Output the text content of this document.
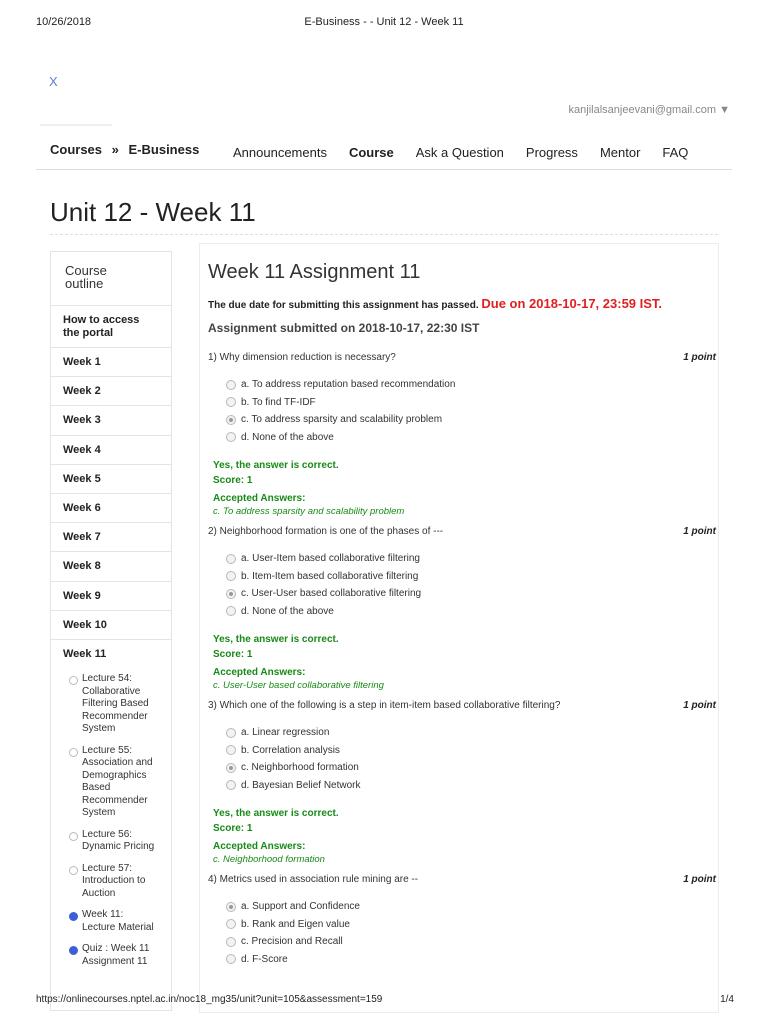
10/26/2018	E-Business - - Unit 12 - Week 11
X
kanjilalsanjeevani@gmail.com ▼
Courses » E-Business	Announcements Course Ask a Question Progress Mentor FAQ
Unit 12 - Week 11
Course
outline
How to access
the portal
Week 1
Week 2
Week 3
Week 4
Week 5
Week 6
Week 7
Week 8
Week 9
Week 10
Week 11
Lecture 54:
Collaborative
Filtering Based
Recommender
System
Lecture 55:
Association and
Demographics
Based
Recommender
System
Lecture 56:
Dynamic Pricing
Lecture 57:
Introduction to
Auction
Week 11:
Lecture Material
Quiz : Week 11
Assignment 11
Week 11 Assignment 11
The due date for submitting this assignment has passed. Due on 2018-10-17, 23:59 IST.
Assignment submitted on 2018-10-17, 22:30 IST
1) Why dimension reduction is necessary?	1 point
a. To address reputation based recommendation
b. To find TF-IDF
c. To address sparsity and scalability problem
d. None of the above
Yes, the answer is correct.
Score: 1
Accepted Answers:
c. To address sparsity and scalability problem
2) Neighborhood formation is one of the phases of ---	1 point
a. User-Item based collaborative filtering
b. Item-Item based collaborative filtering
c. User-User based collaborative filtering
d. None of the above
Yes, the answer is correct.
Score: 1
Accepted Answers:
c. User-User based collaborative filtering
3) Which one of the following is a step in item-item based collaborative filtering?	1 point
a. Linear regression
b. Correlation analysis
c. Neighborhood formation
d. Bayesian Belief Network
Yes, the answer is correct.
Score: 1
Accepted Answers:
c. Neighborhood formation
4) Metrics used in association rule mining are --	1 point
a. Support and Confidence
b. Rank and Eigen value
c. Precision and Recall
d. F-Score
https://onlinecourses.nptel.ac.in/noc18_mg35/unit?unit=105&assessment=159	1/4
